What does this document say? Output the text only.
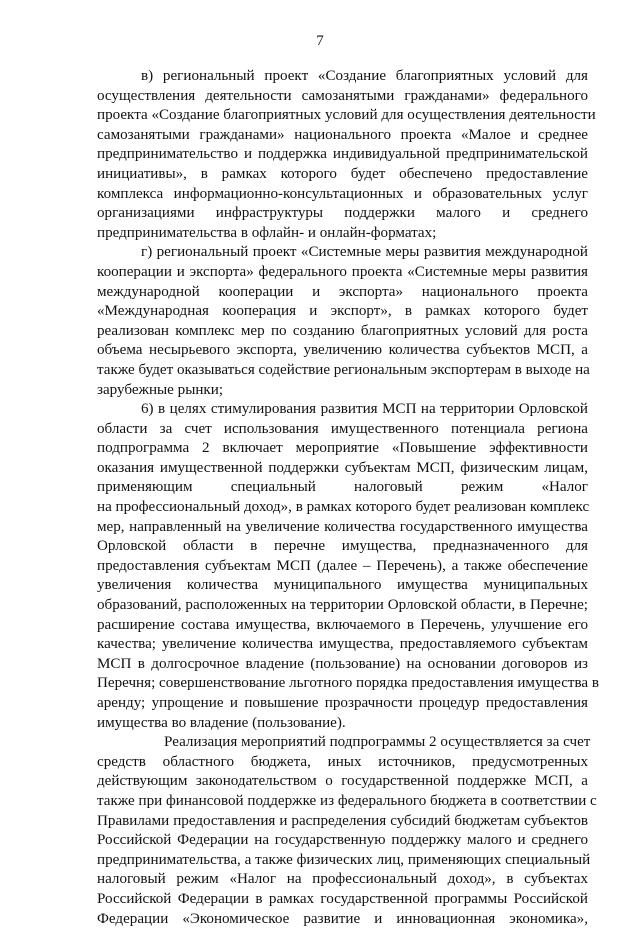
7
в) региональный проект «Создание благоприятных условий для
осуществления деятельности самозанятыми гражданами» федерального
проекта «Создание благоприятных условий для осуществления деятельности
самозанятыми гражданами» национального проекта «Малое и среднее
предпринимательство и поддержка индивидуальной предпринимательской
инициативы», в рамках которого будет обеспечено предоставление
комплекса информационно-консультационных и образовательных услуг
организациями инфраструктуры поддержки малого и среднего
предпринимательства в офлайн- и онлайн-форматах;
г) региональный проект «Системные меры развития международной
кооперации и экспорта» федерального проекта «Системные меры развития
международной кооперации и экспорта» национального проекта
«Международная кооперация и экспорт», в рамках которого будет
реализован комплекс мер по созданию благоприятных условий для роста
объема несырьевого экспорта, увеличению количества субъектов МСП, а
также будет оказываться содействие региональным экспортерам в выходе на
зарубежные рынки;
6) в целях стимулирования развития МСП на территории Орловской
области за счет использования имущественного потенциала региона
подпрограмма 2 включает мероприятие «Повышение эффективности
оказания имущественной поддержки субъектам МСП, физическим лицам,
применяющим специальный налоговый режим «Налог
на профессиональный доход», в рамках которого будет реализован комплекс
мер, направленный на увеличение количества государственного имущества
Орловской области в перечне имущества, предназначенного для
предоставления субъектам МСП (далее – Перечень), а также обеспечение
увеличения количества муниципального имущества муниципальных
образований, расположенных на территории Орловской области, в Перечне;
расширение состава имущества, включаемого в Перечень, улучшение его
качества; увеличение количества имущества, предоставляемого субъектам
МСП в долгосрочное владение (пользование) на основании договоров из
Перечня; совершенствование льготного порядка предоставления имущества в
аренду; упрощение и повышение прозрачности процедур предоставления
имущества во владение (пользование).
Реализация мероприятий подпрограммы 2 осуществляется за счет
средств областного бюджета, иных источников, предусмотренных
действующим законодательством о государственной поддержке МСП, а
также при финансовой поддержке из федерального бюджета в соответствии с
Правилами предоставления и распределения субсидий бюджетам субъектов
Российской Федерации на государственную поддержку малого и среднего
предпринимательства, а также физических лиц, применяющих специальный
налоговый режим «Налог на профессиональный доход», в субъектах
Российской Федерации в рамках государственной программы Российской
Федерации «Экономическое развитие и инновационная экономика»,
